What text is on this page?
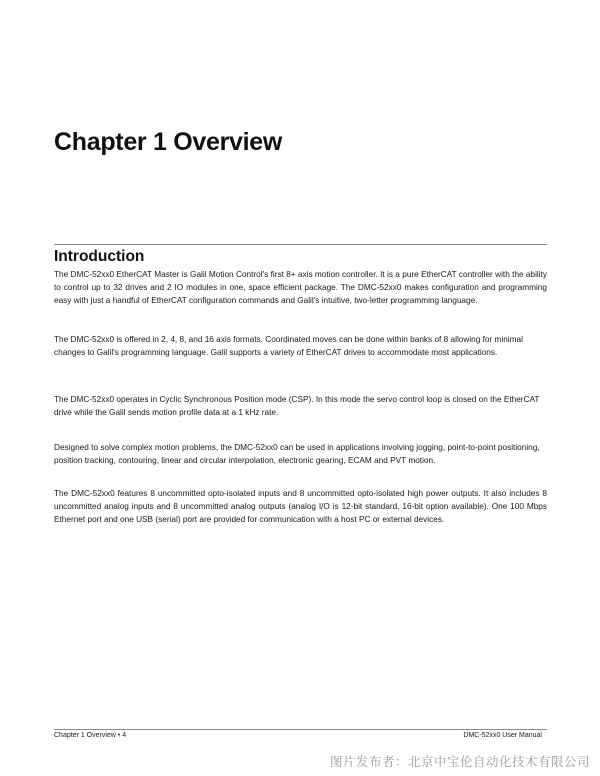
Chapter 1 Overview
Introduction

The DMC-52xx0 EtherCAT Master is Galil Motion Control's first 8+ axis motion controller. It is a pure EtherCAT controller with the ability to control up to 32 drives and 2 IO modules in one, space efficient package. The DMC-52xx0 makes configuration and programming easy with just a handful of EtherCAT configuration commands and Galil's intuitive, two-letter programming language.

The DMC-52xx0 is offered in 2, 4, 8, and 16 axis formats. Coordinated moves can be done within banks of 8 allowing for minimal changes to Galil's programming language. Galil supports a variety of EtherCAT drives to accommodate most applications.

The DMC-52xx0 operates in Cyclic Synchronous Position mode (CSP). In this mode the servo control loop is closed on the EtherCAT drive while the Galil sends motion profile data at a 1 kHz rate.

Designed to solve complex motion problems, the DMC-52xx0 can be used in applications involving jogging, point-to-point positioning, position tracking, contouring, linear and circular interpolation, electronic gearing, ECAM and PVT motion.

The DMC-52xx0 features 8 uncommitted opto-isolated inputs and 8 uncommitted opto-isolated high power outputs. It also includes 8 uncommitted analog inputs and 8 uncommitted analog outputs (analog I/O is 12-bit standard, 16-bit option available). One 100 Mbps Ethernet port and one USB (serial) port are provided for communication with a host PC or external devices.

Chapter 1 Overview • 4	DMC-52xx0 User Manual
图片发布者：北京中宝伦自动化技术有限公司
